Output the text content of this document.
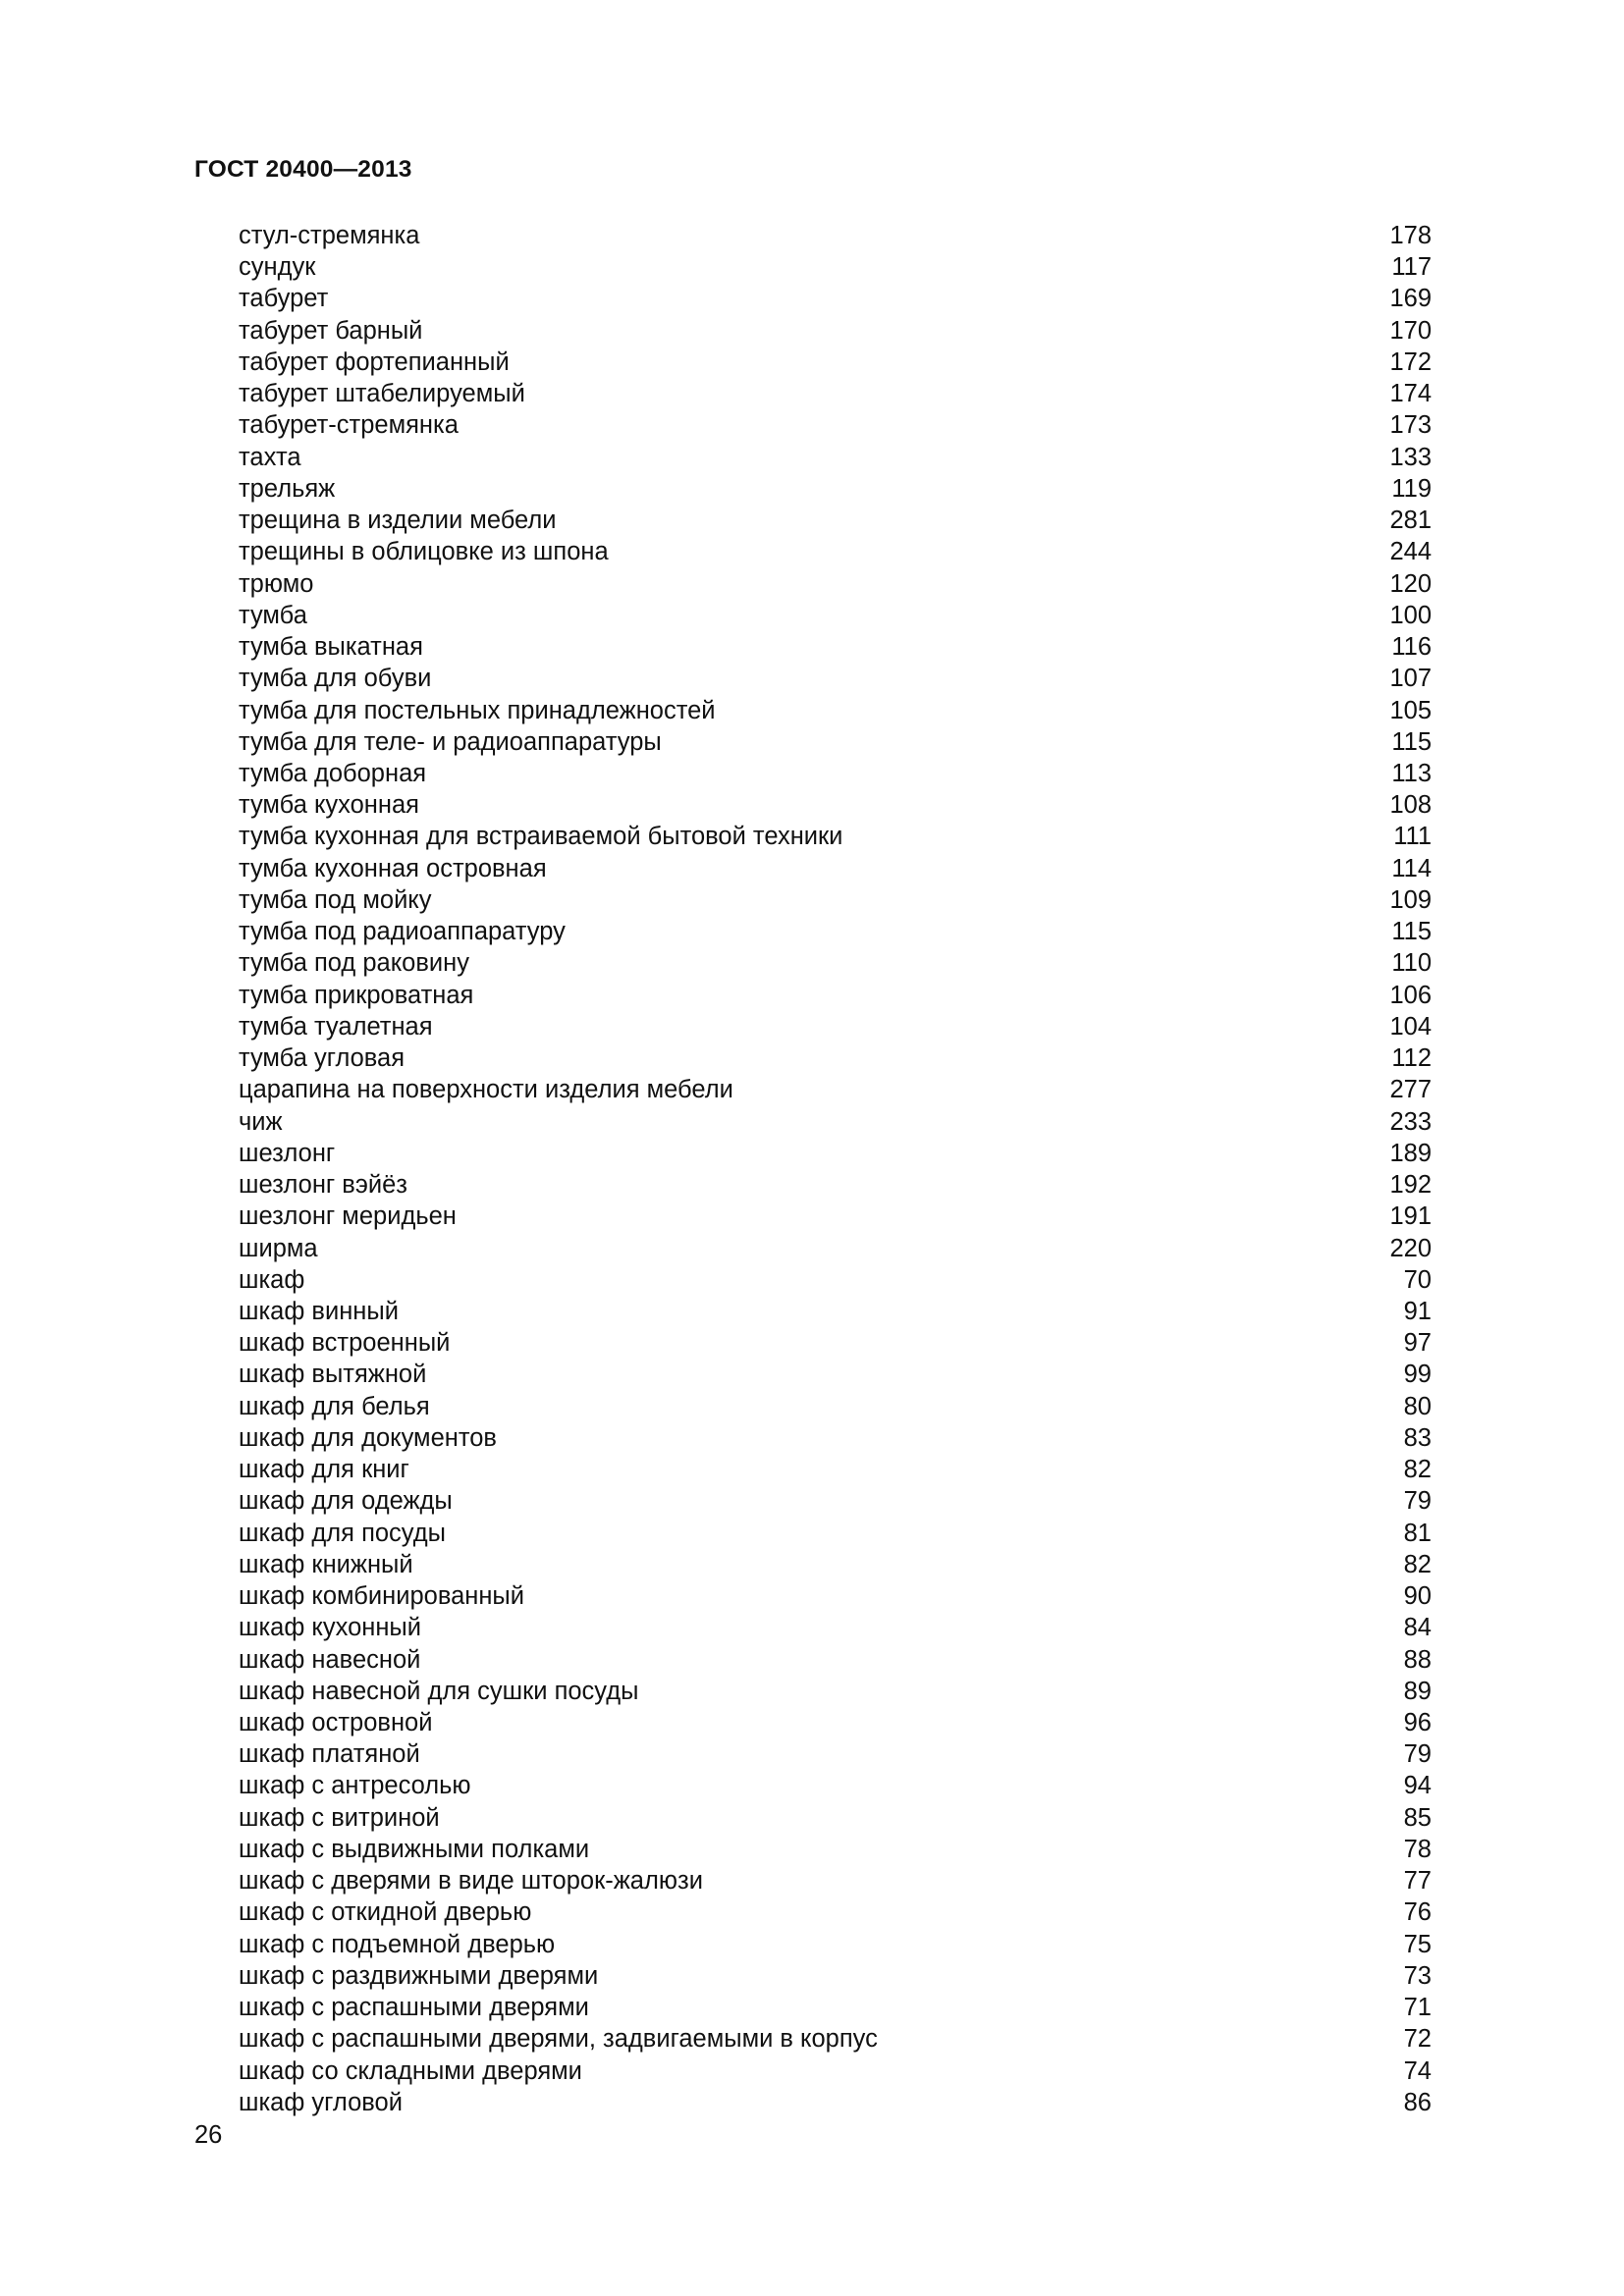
ГОСТ 20400—2013
стул-стремянка	178
сундук	117
табурет	169
табурет барный	170
табурет фортепианный	172
табурет штабелируемый	174
табурет-стремянка	173
тахта	133
трельяж	119
трещина в изделии мебели	281
трещины в облицовке из шпона	244
трюмо	120
тумба	100
тумба выкатная	116
тумба для обуви	107
тумба для постельных принадлежностей	105
тумба для теле- и радиоаппаратуры	115
тумба доборная	113
тумба кухонная	108
тумба кухонная для встраиваемой бытовой техники	111
тумба кухонная островная	114
тумба под мойку	109
тумба под радиоаппаратуру	115
тумба под раковину	110
тумба прикроватная	106
тумба туалетная	104
тумба угловая	112
царапина на поверхности изделия мебели	277
чиж	233
шезлонг	189
шезлонг вэйёз	192
шезлонг меридьен	191
ширма	220
шкаф	70
шкаф винный	91
шкаф встроенный	97
шкаф вытяжной	99
шкаф для белья	80
шкаф для документов	83
шкаф для книг	82
шкаф для одежды	79
шкаф для посуды	81
шкаф книжный	82
шкаф комбинированный	90
шкаф кухонный	84
шкаф навесной	88
шкаф навесной для сушки посуды	89
шкаф островной	96
шкаф платяной	79
шкаф с антресолью	94
шкаф с витриной	85
шкаф с выдвижными полками	78
шкаф с дверями в виде шторок-жалюзи	77
шкаф с откидной дверью	76
шкаф с подъемной дверью	75
шкаф с раздвижными дверями	73
шкаф с распашными дверями	71
шкаф с распашными дверями, задвигаемыми в корпус	72
шкаф со складными дверями	74
шкаф угловой	86
26
